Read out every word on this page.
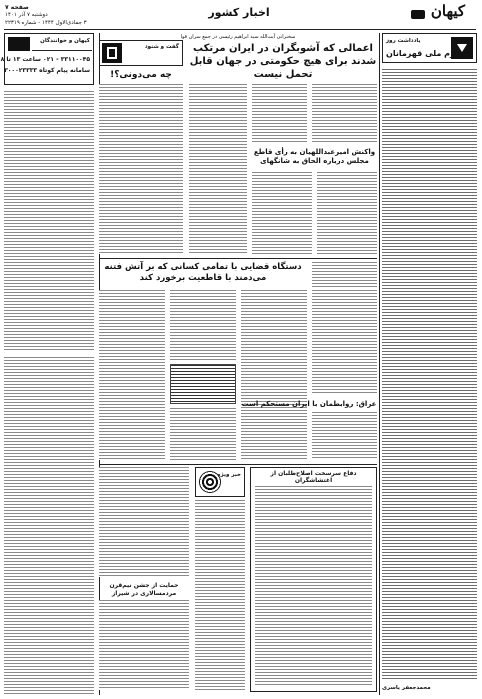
صفحه ۷
دوشنبه ۷ آذر ۱۴۰۱
۳ جمادی‌الاول ۱۴۴۴ - شماره ۲۲۳۱۹
اخبار کشور	کیهان
کیهان و خوانندگان
۳۳۱۱۰۰۴۵ - ۰۲۱ ساعت ۱۳ تا ۸
سامانه پیام کوتاه ۳۰۰۰۲۳۳۳۳
یادداشت روز
رزم ملی قهرمانان
محمدجعفر یاسری
سخنرانی آیت‌الله سید ابراهیم رئیسی در جمع سران قوا
اعمالی که آشوبگران در ایران مرتکب شدند برای هیچ حکومتی در جهان قابل تحمل نیست
گفت و شنود
چه می‌دونی؟!
واکنش امیرعبداللهیان به رأی قاطع مجلس درباره الحاق به شانگهای
دستگاه قضایی با تمامی کسانی که بر آتش فتنه می‌دمند با قاطعیت برخورد کند
عراق: روابطمان با ایران مستحکم است
خبر ویژه
حمایت از جشن نیم‌قرن مردمسالاری در شیراز
دفاع سرسخت اصلاح‌طلبان از اغتشاشگران
